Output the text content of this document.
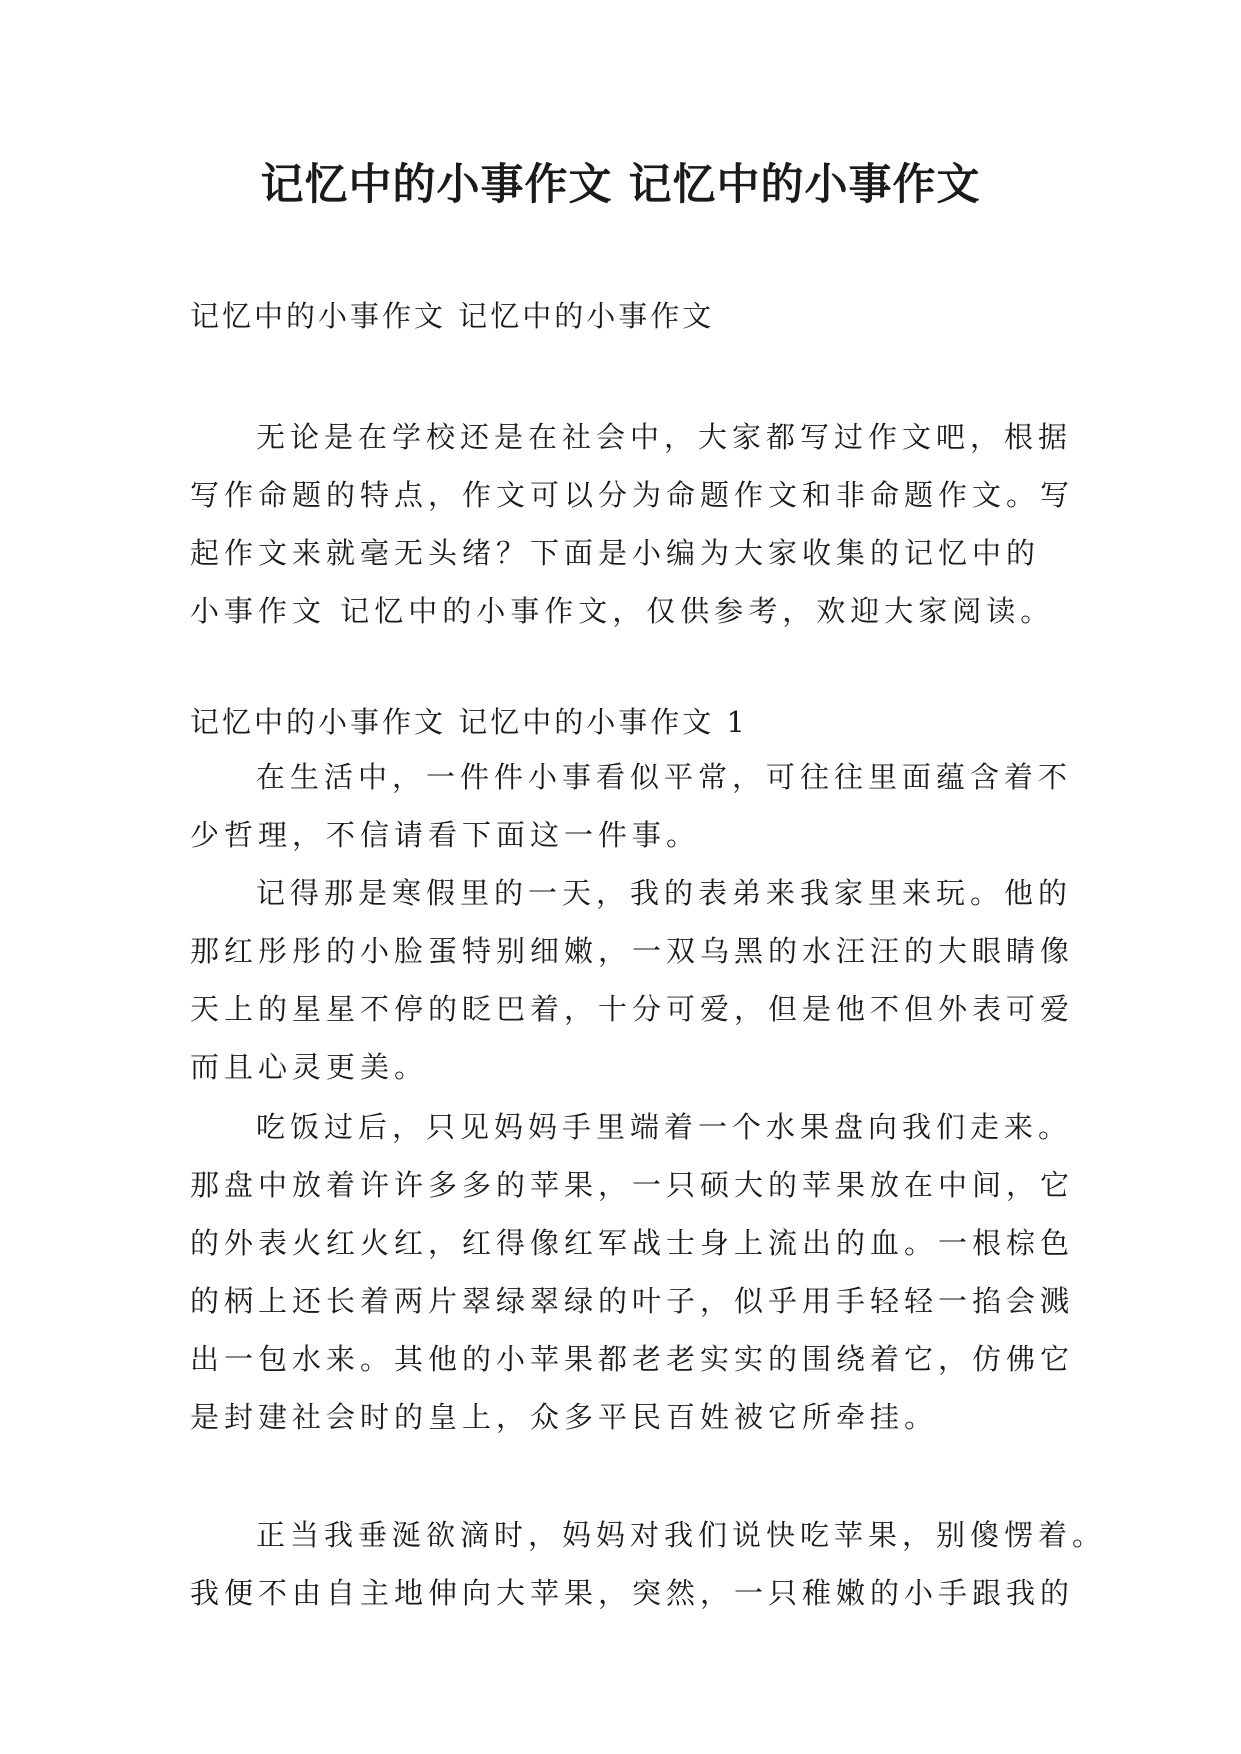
记忆中的小事作文 记忆中的小事作文

记忆中的小事作文 记忆中的小事作文

无论是在学校还是在社会中，大家都写过作文吧，根据
写作命题的特点，作文可以分为命题作文和非命题作文。写
起作文来就毫无头绪？下面是小编为大家收集的记忆中的
小事作文 记忆中的小事作文，仅供参考，欢迎大家阅读。

记忆中的小事作文 记忆中的小事作文 1

在生活中，一件件小事看似平常，可往往里面蕴含着不
少哲理，不信请看下面这一件事。
记得那是寒假里的一天，我的表弟来我家里来玩。他的
那红彤彤的小脸蛋特别细嫩，一双乌黑的水汪汪的大眼睛像
天上的星星不停的眨巴着，十分可爱，但是他不但外表可爱
而且心灵更美。
吃饭过后，只见妈妈手里端着一个水果盘向我们走来。
那盘中放着许许多多的苹果，一只硕大的苹果放在中间，它
的外表火红火红，红得像红军战士身上流出的血。一根棕色
的柄上还长着两片翠绿翠绿的叶子，似乎用手轻轻一掐会溅
出一包水来。其他的小苹果都老老实实的围绕着它，仿佛它
是封建社会时的皇上，众多平民百姓被它所牵挂。
正当我垂涎欲滴时，妈妈对我们说快吃苹果，别傻愣着。
我便不由自主地伸向大苹果，突然，一只稚嫩的小手跟我的
